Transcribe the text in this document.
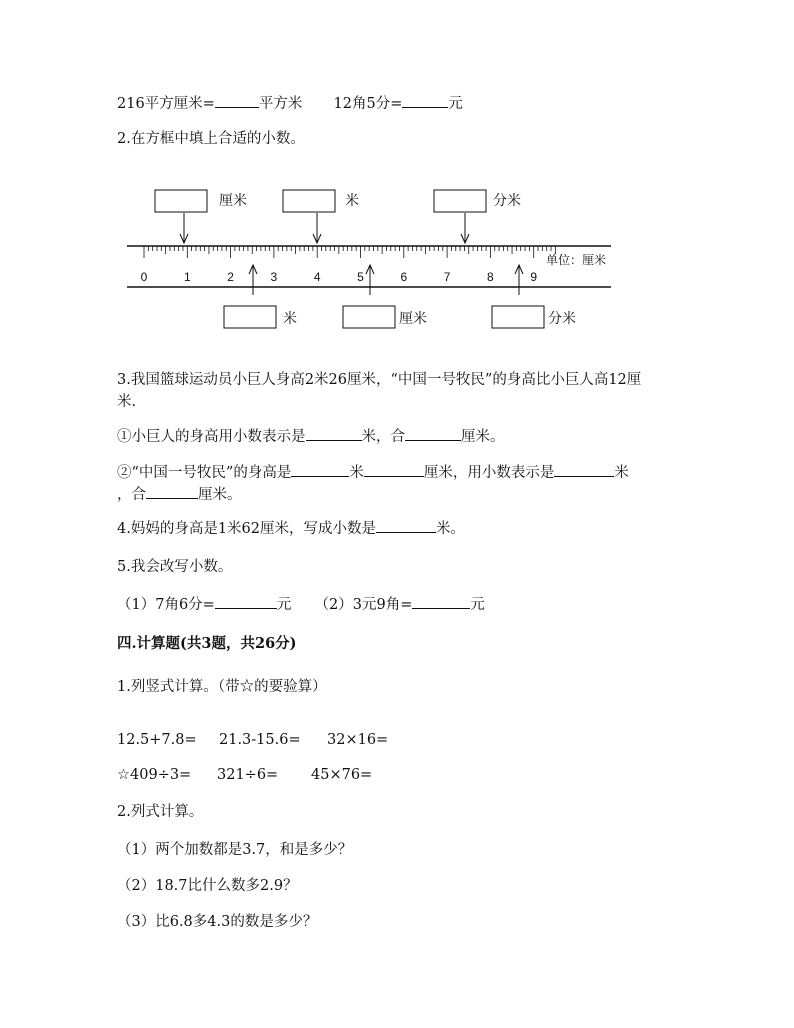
216平方厘米=	平方米 12角5分=	元
2.在方框中填上合适的小数。
厘米	米	分米
0	1	2	3	4	5	6	7	8	9
单位：厘米
米	厘米	分米
3.我国篮球运动员小巨人身高2米26厘米，“中国一号牧民”的身高比小巨人高12厘
米.
①小巨人的身高用小数表示是	米，合	厘米。
②“中国一号牧民”的身高是	米	厘米，用小数表示是	米
，合	厘米。
4.妈妈的身高是1米62厘米，写成小数是	米。
5.我会改写小数。
（1）7角6分=	元 （2）3元9角=	元
四.计算题(共3题，共26分)
1.列竖式计算。（带☆的要验算）
12.5+7.8= 21.3-15.6= 32×16=
☆409÷3= 321÷6= 45×76=
2.列式计算。
（1）两个加数都是3.7，和是多少？
（2）18.7比什么数多2.9？
（3）比6.8多4.3的数是多少？
